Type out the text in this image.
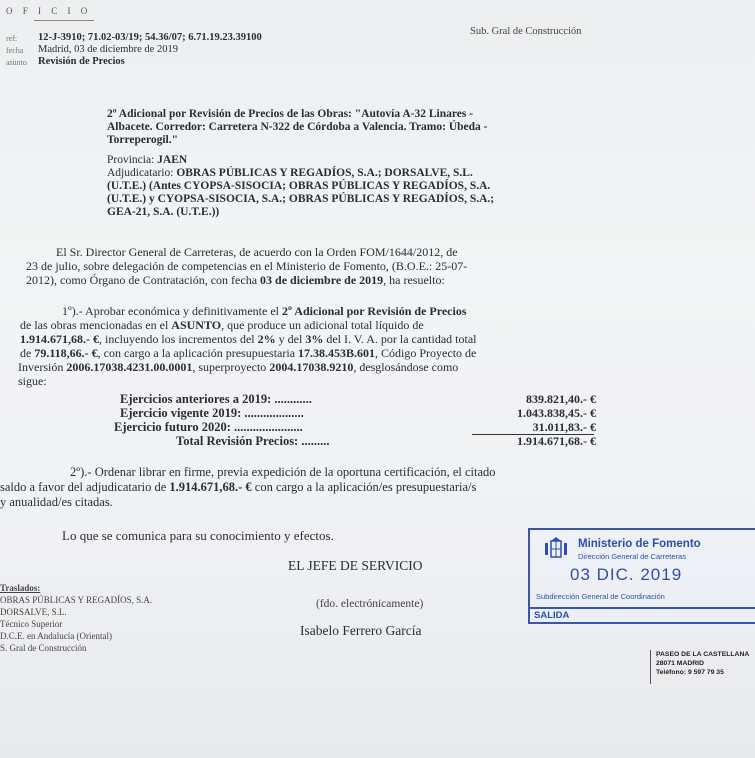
O F I C I O
ref: 12-J-3910; 71.02-03/19; 54.36/07; 6.71.19.23.39100
fecha Madrid, 03 de diciembre de 2019
asunto Revisión de Precios
Sub. Gral de Construcción
2º Adicional por Revisión de Precios de las Obras: "Autovía A-32 Linares -
Albacete. Corredor: Carretera N-322 de Córdoba a Valencia. Tramo: Úbeda -
Torreperogil."
Provincia: JAEN
Adjudicatario: OBRAS PÚBLICAS Y REGADÍOS, S.A.; DORSALVE, S.L.
(U.T.E.) (Antes CYOPSA-SISOCIA; OBRAS PÚBLICAS Y REGADÍOS, S.A.
(U.T.E.) y CYOPSA-SISOCIA, S.A.; OBRAS PÚBLICAS Y REGADÍOS, S.A.;
GEA-21, S.A. (U.T.E.))
El Sr. Director General de Carreteras, de acuerdo con la Orden FOM/1644/2012, de
23 de julio, sobre delegación de competencias en el Ministerio de Fomento, (B.O.E.: 25-07-
2012), como Órgano de Contratación, con fecha 03 de diciembre de 2019, ha resuelto:
1º).- Aprobar económica y definitivamente el 2º Adicional por Revisión de Precios
de las obras mencionadas en el ASUNTO, que produce un adicional total líquido de
1.914.671,68.- €, incluyendo los incrementos del 2% y del 3% del I. V. A. por la cantidad total
de 79.118,66.- €, con cargo a la aplicación presupuestaria 17.38.453B.601, Código Proyecto de
Inversión 2006.17038.4231.00.0001, superproyecto 2004.17038.9210, desglosándose como
sigue:
Ejercicios anteriores a 2019: ............	839.821,40.- €
Ejercicio vigente 2019: ...................	1.043.838,45.- €
Ejercicio futuro 2020: ......................	31.011,83.- €
Total Revisión Precios: .........	1.914.671,68.- €
2º).- Ordenar librar en firme, previa expedición de la oportuna certificación, el citado
saldo a favor del adjudicatario de 1.914.671,68.- € con cargo a la aplicación/es presupuestaria/s
y anualidad/es citadas.
Lo que se comunica para su conocimiento y efectos.
Traslados:
OBRAS PÚBLICAS Y REGADÍOS, S.A.
DORSALVE, S.L.
Técnico Superior
D.C.E. en Andalucía (Oriental)
S. Gral de Construcción
EL JEFE DE SERVICIO
(fdo. electrónicamente)
Isabelo Ferrero García
Ministerio de Fomento
Dirección General de Carreteras
03 DIC. 2019
Subdirección General de Coordinación
SALIDA
PASEO DE LA CASTELLANA
28071 MADRID
Teléfono: 9 597 79 35
